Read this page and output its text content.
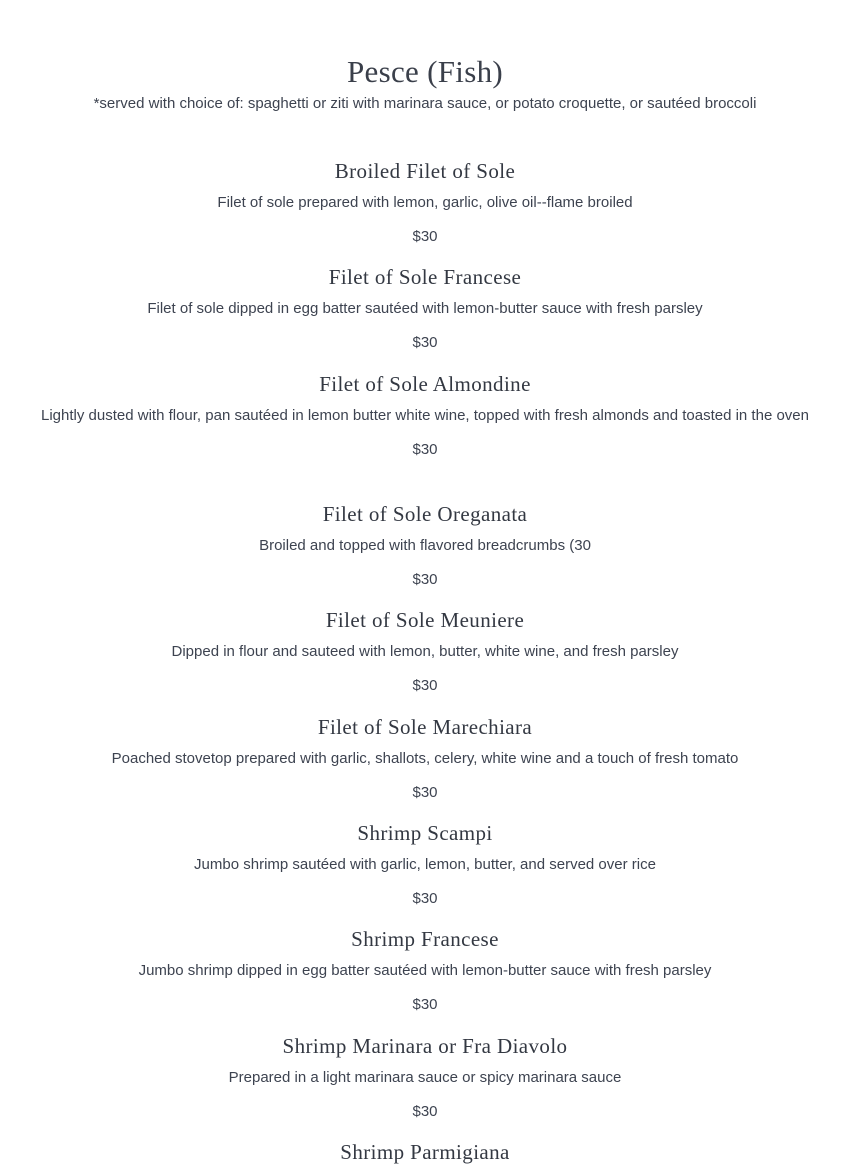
Pesce (Fish)

*served with choice of: spaghetti or ziti with marinara sauce, or potato croquette, or sautéed broccoli

Broiled Filet of Sole

Filet of sole prepared with lemon, garlic, olive oil--flame broiled

$30

Filet of Sole Francese

Filet of sole dipped in egg batter sautéed with lemon-butter sauce with fresh parsley

$30

Filet of Sole Almondine

Lightly dusted with flour, pan sautéed in lemon butter white wine, topped with fresh almonds and toasted in the oven

$30

Filet of Sole Oreganata

Broiled and topped with flavored breadcrumbs (30

$30

Filet of Sole Meuniere

Dipped in flour and sauteed with lemon, butter, white wine, and fresh parsley

$30

Filet of Sole Marechiara

Poached stovetop prepared with garlic, shallots, celery, white wine and a touch of fresh tomato

$30

Shrimp Scampi

Jumbo shrimp sautéed with garlic, lemon, butter, and served over rice

$30

Shrimp Francese

Jumbo shrimp dipped in egg batter sautéed with lemon-butter sauce with fresh parsley

$30

Shrimp Marinara or Fra Diavolo

Prepared in a light marinara sauce or spicy marinara sauce

$30

Shrimp Parmigiana
